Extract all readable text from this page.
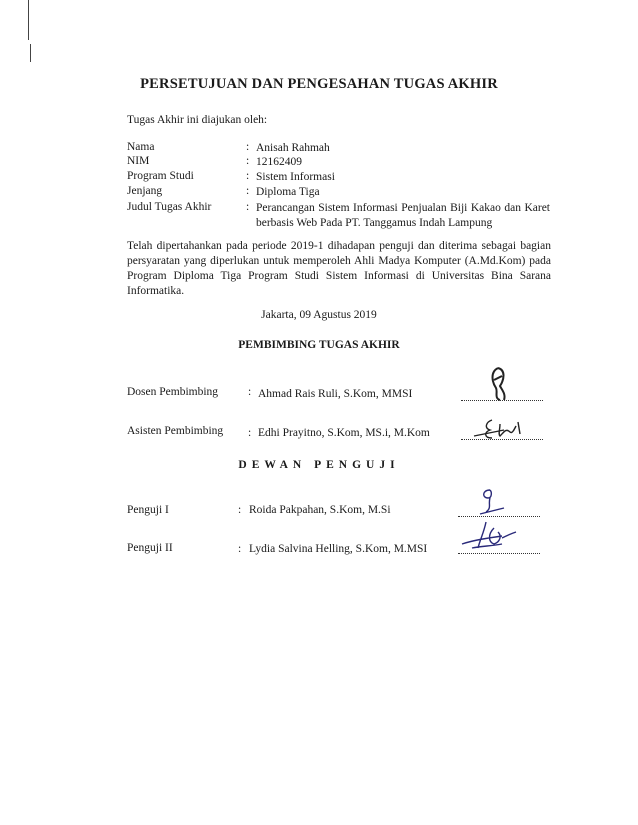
PERSETUJUAN DAN PENGESAHAN TUGAS AKHIR
Tugas Akhir ini diajukan oleh:
Nama	: Anisah Rahmah
NIM	: 12162409
Program Studi	: Sistem Informasi
Jenjang	: Diploma Tiga
Judul Tugas Akhir	: Perancangan Sistem Informasi Penjualan Biji Kakao dan Karet berbasis Web Pada PT. Tanggamus Indah Lampung
Telah dipertahankan pada periode 2019-1 dihadapan penguji dan diterima sebagai bagian persyaratan yang diperlukan untuk memperoleh Ahli Madya Komputer (A.Md.Kom) pada Program Diploma Tiga Program Studi Sistem Informasi di Universitas Bina Sarana Informatika.
Jakarta, 09 Agustus 2019
PEMBIMBING TUGAS AKHIR
Dosen Pembimbing	: Ahmad Rais Ruli, S.Kom, MMSI
Asisten Pembimbing : Edhi Prayitno, S.Kom, MS.i, M.Kom
DEWAN PENGUJI
Penguji I	: Roida Pakpahan, S.Kom, M.Si
Penguji II	: Lydia Salvina Helling, S.Kom, M.MSI
